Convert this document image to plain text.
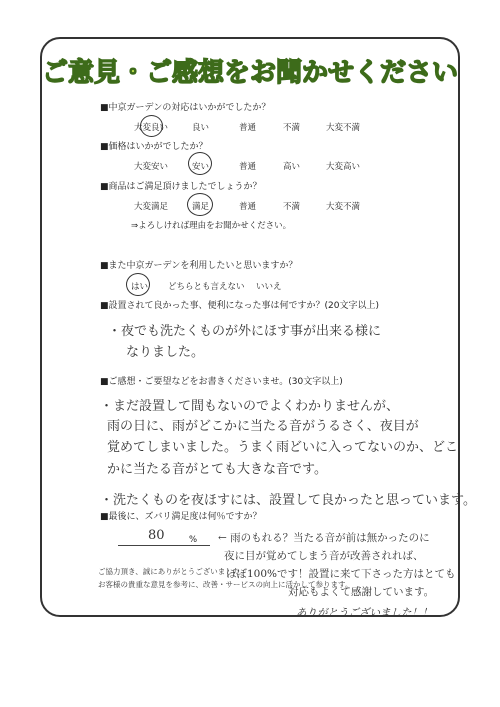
ご意見・ご感想をお聞かせください
■中京ガーデンの対応はいかがでしたか？
大変良い	良い	普通	不満	大変不満
■価格はいかがでしたか？
大変安い	安い	普通	高い	大変高い
■商品はご満足頂けましたでしょうか？
大変満足	満足	普通	不満	大変不満
⇒よろしければ理由をお聞かせください。
■また中京ガーデンを利用したいと思いますか？
はい どちらとも言えない いいえ
■設置されて良かった事、便利になった事は何ですか？(20文字以上)
・夜でも洗たくものが外にほす事が出来る様に
なりました。
■ご感想・ご要望などをお書きくださいませ。(30文字以上)
・まだ設置して間もないのでよくわかりませんが、
雨の日に、雨がどこかに当たる音がうるさく、夜目が
覚めてしまいました。うまく雨どいに入ってないのか、どこ
かに当たる音がとても大きな音です。
・洗たくものを夜ほすには、設置して良かったと思っています。
■最後に、ズバリ満足度は何％ですか？
80	% ← 雨のもれる？当たる音が前は無かったのに
夜に目が覚めてしまう音が改善されれば、
ほぼ100%です！設置に来て下さった方はとても
対応もよくて感謝しています。
ご協力頂き、誠にありがとうございました。
お客様の貴重な意見を参考に、改善・サービスの向上に活かして参ります。
ありがとうございました！！
